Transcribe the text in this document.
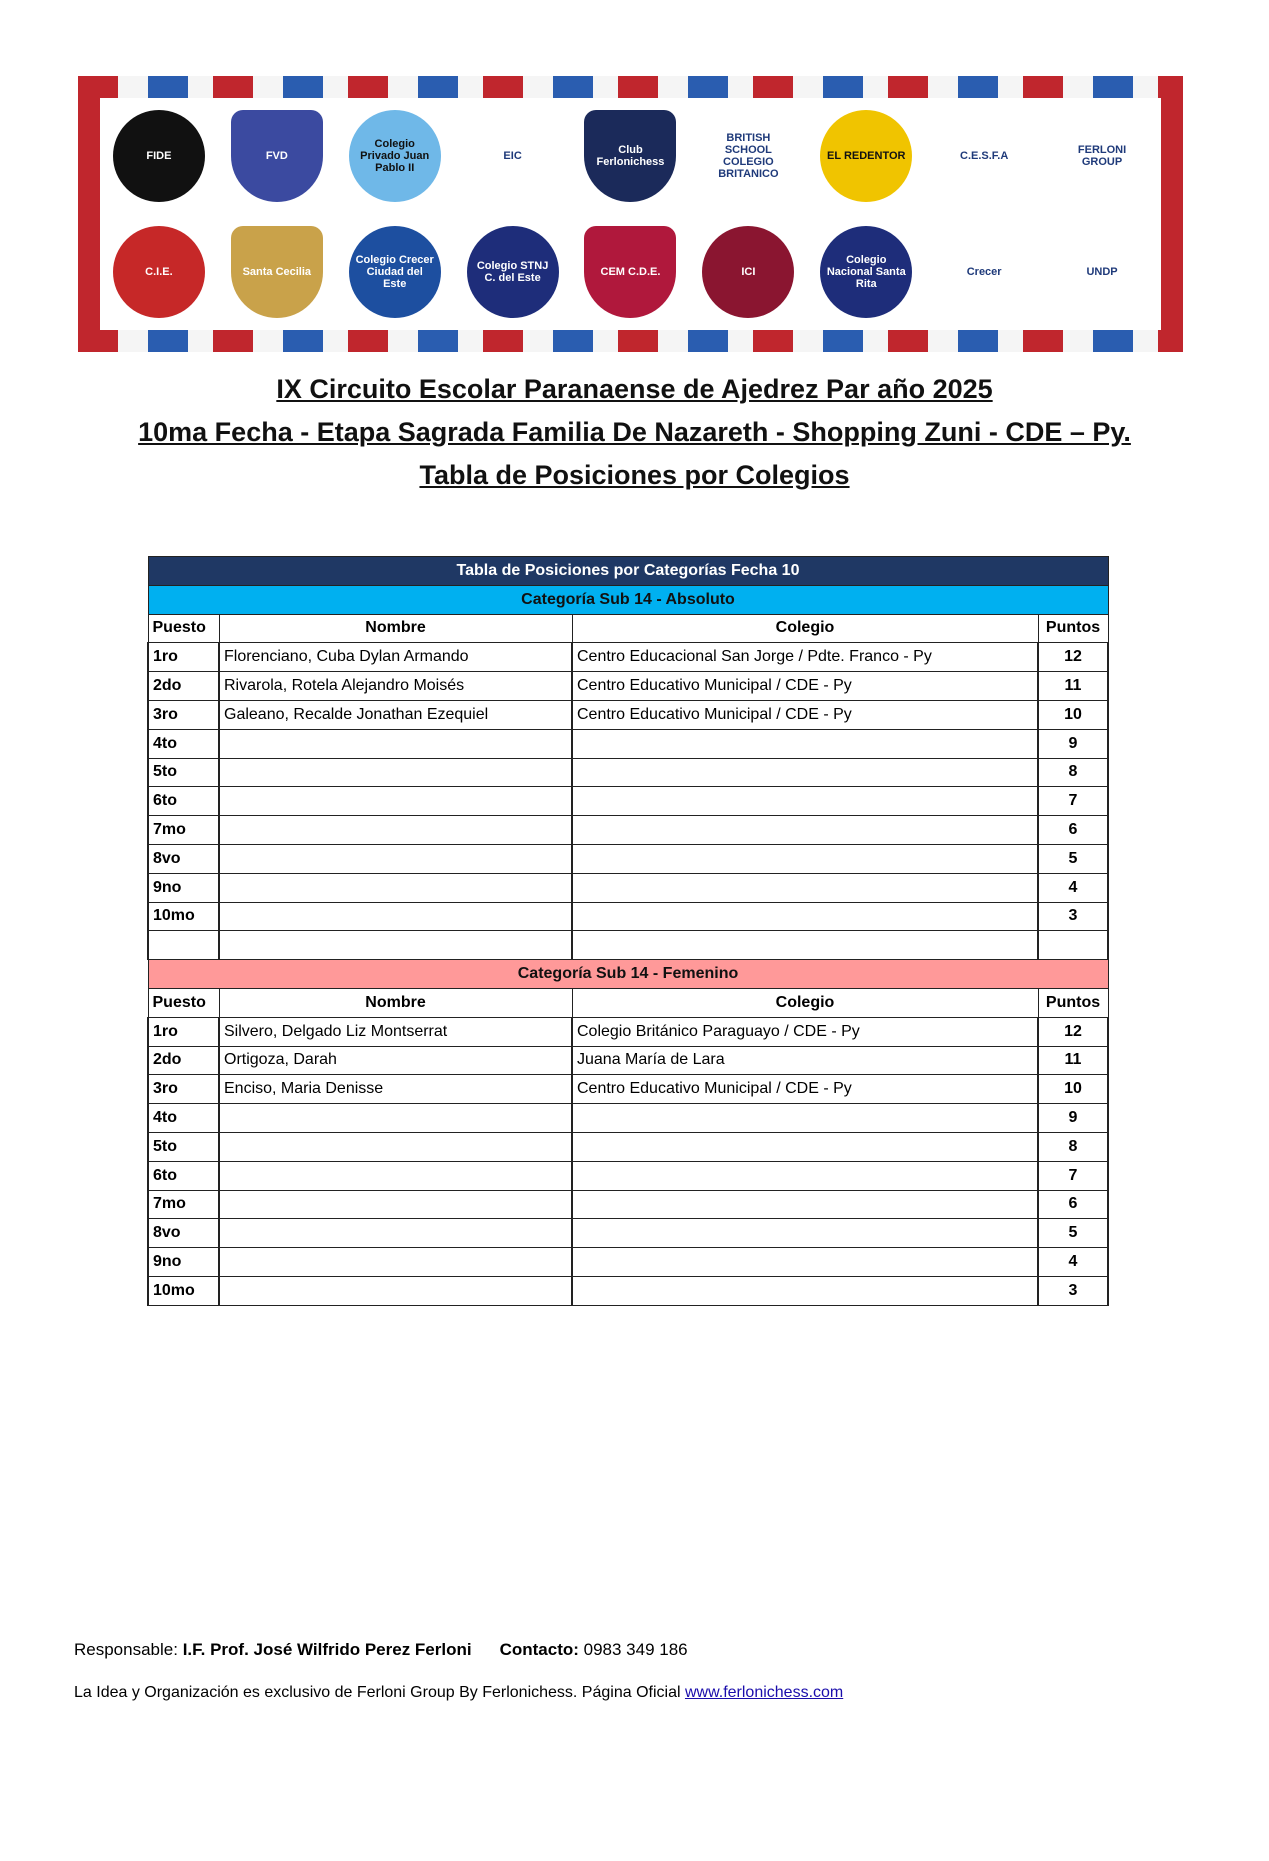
FIDE	FVD
Colegio Privado Juan Pablo II
EIC
Club Ferlonichess
BRITISH SCHOOL COLEGIO BRITANICO
EL REDENTOR	C.E.S.F.A
FERLONI GROUP
C.I.E.	Santa Cecilia
Colegio Crecer Ciudad del Este
Colegio STNJ C. del Este
CEM C.D.E.	ICI
Colegio Nacional Santa Rita
Crecer	UNDP
IX Circuito Escolar Paranaense de Ajedrez Par año 2025
10ma Fecha - Etapa Sagrada Familia De Nazareth - Shopping Zuni - CDE – Py.
Tabla de Posiciones por Colegios
Tabla de Posiciones por Categorías Fecha 10			
Categoría Sub 14 - Absoluto			
Puesto	Nombre	Colegio	Puntos
1ro	Florenciano, Cuba Dylan Armando	Centro Educacional San Jorge / Pdte. Franco - Py	12
2do	Rivarola, Rotela Alejandro Moisés	Centro Educativo Municipal / CDE - Py	11
3ro	Galeano, Recalde Jonathan Ezequiel	Centro Educativo Municipal / CDE - Py	10
4to			9
5to			8
6to			7
7mo			6
8vo			5
9no			4
10mo			3

Categoría Sub 14 - Femenino			
Puesto	Nombre	Colegio	Puntos
1ro	Silvero, Delgado Liz Montserrat	Colegio Británico Paraguayo / CDE - Py	12
2do	Ortigoza, Darah	Juana María de Lara	11
3ro	Enciso, Maria Denisse	Centro Educativo Municipal / CDE - Py	10
4to			9
5to			8
6to			7
7mo			6
8vo			5
9no			4
10mo			3
Responsable: I.F. Prof. José Wilfrido Perez Ferloni Contacto: 0983 349 186
La Idea y Organización es exclusivo de Ferloni Group By Ferlonichess. Página Oficial www.ferlonichess.com
